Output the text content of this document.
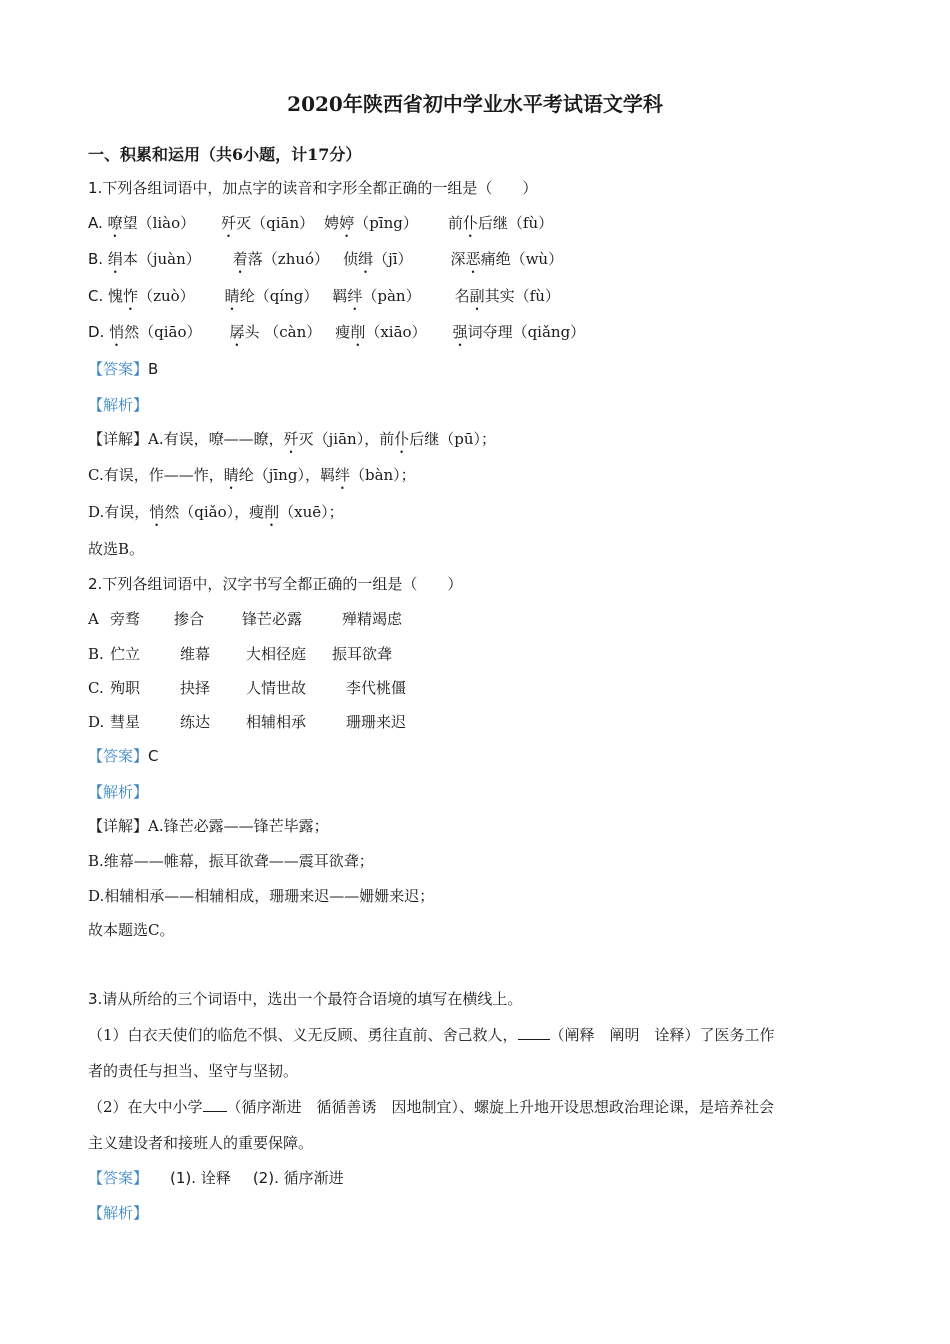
2020年陕西省初中学业水平考试语文学科
一、积累和运用（共6小题，计17分）
1.下列各组词语中，加点字的读音和字形全都正确的一组是（　　）
A. 嘹望（liào） 歼灭（qiān） 娉婷（pīng） 前仆后继（fù）
B. 绢本（juàn） 着落（zhuó） 侦缉（jī）	深恶痛绝（wù）
C. 愧怍（zuò） 睛纶（qíng） 羁绊（pàn） 名副其实（fù）
D. 悄然（qiāo） 孱头 （càn） 瘦削（xiāo） 强词夺理（qiǎng）
【答案】B
【解析】
【详解】A.有误，嘹——瞭，歼灭（jiān），前仆后继（pū）；
C.有误，作——怍，睛纶（jīng），羁绊（bàn）；
D.有误，悄然（qiǎo），瘦削（xuē）；
故选B。
2.下列各组词语中，汉字书写全都正确的一组是（　　）
A 旁骛 掺合	锋芒必露	殚精竭虑
B. 伫立	维幕 大相径庭 振耳欲聋
C. 殉职	抉择 人情世故	李代桃僵
D. 彗星	练达 相辅相承	珊珊来迟
【答案】C
【解析】
【详解】A.锋芒必露——锋芒毕露；
B.维幕——帷幕，振耳欲聋——震耳欲聋；
D.相辅相承——相辅相成，珊珊来迟——姗姗来迟；
故本题选C。
3.请从所给的三个词语中，选出一个最符合语境的填写在横线上。
（1）白衣天使们的临危不惧、义无反顾、勇往直前、舍己救人， （阐释　阐明　诠释）了医务工作
者的责任与担当、坚守与坚韧。
（2）在大中小学 （循序渐进　循循善诱　因地制宜）、螺旋上升地开设思想政治理论课，是培养社会
主义建设者和接班人的重要保障。
【答案】 (1). 诠释 (2). 循序渐进
【解析】
